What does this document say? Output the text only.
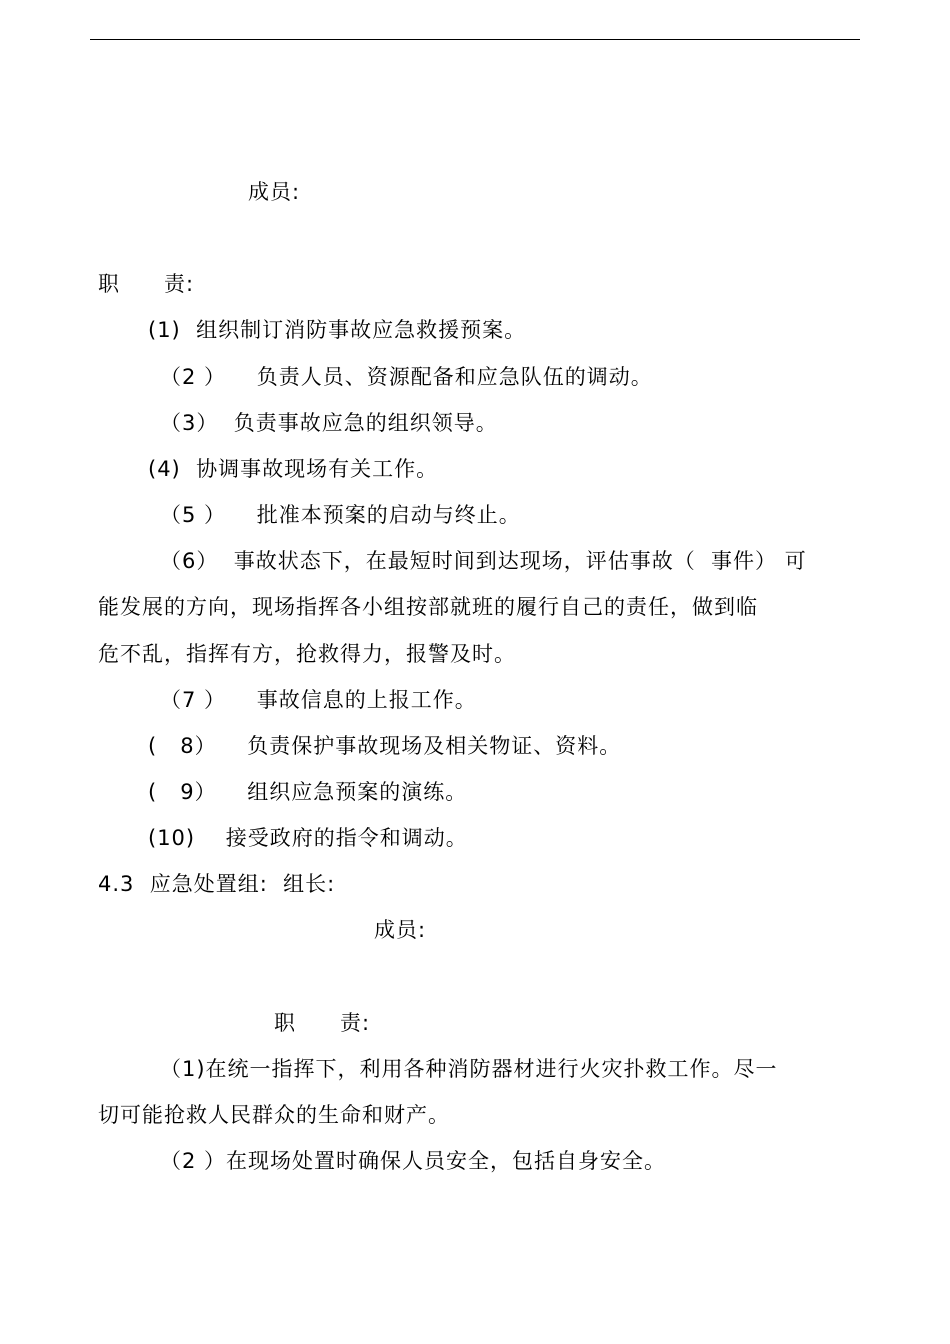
成员:
职　　责:
(1)  组织制订消防事故应急救援预案。
（2 ）    负责人员、资源配备和应急队伍的调动。
（3）  负责事故应急的组织领导。
(4)  协调事故现场有关工作。
（5 ）    批准本预案的启动与终止。
（6）  事故状态下，在最短时间到达现场，评估事故（  事件） 可
能发展的方向，现场指挥各小组按部就班的履行自己的责任，做到临
危不乱，指挥有方，抢救得力，报警及时。
（7 ）    事故信息的上报工作。
(   8）    负责保护事故现场及相关物证、资料。
(   9）    组织应急预案的演练。
(10)    接受政府的指令和调动。
4.3  应急处置组:  组长:
成员:
职　　责:
（1)在统一指挥下，利用各种消防器材进行火灾扑救工作。尽一
切可能抢救人民群众的生命和财产。
（2 ）在现场处置时确保人员安全，包括自身安全。
